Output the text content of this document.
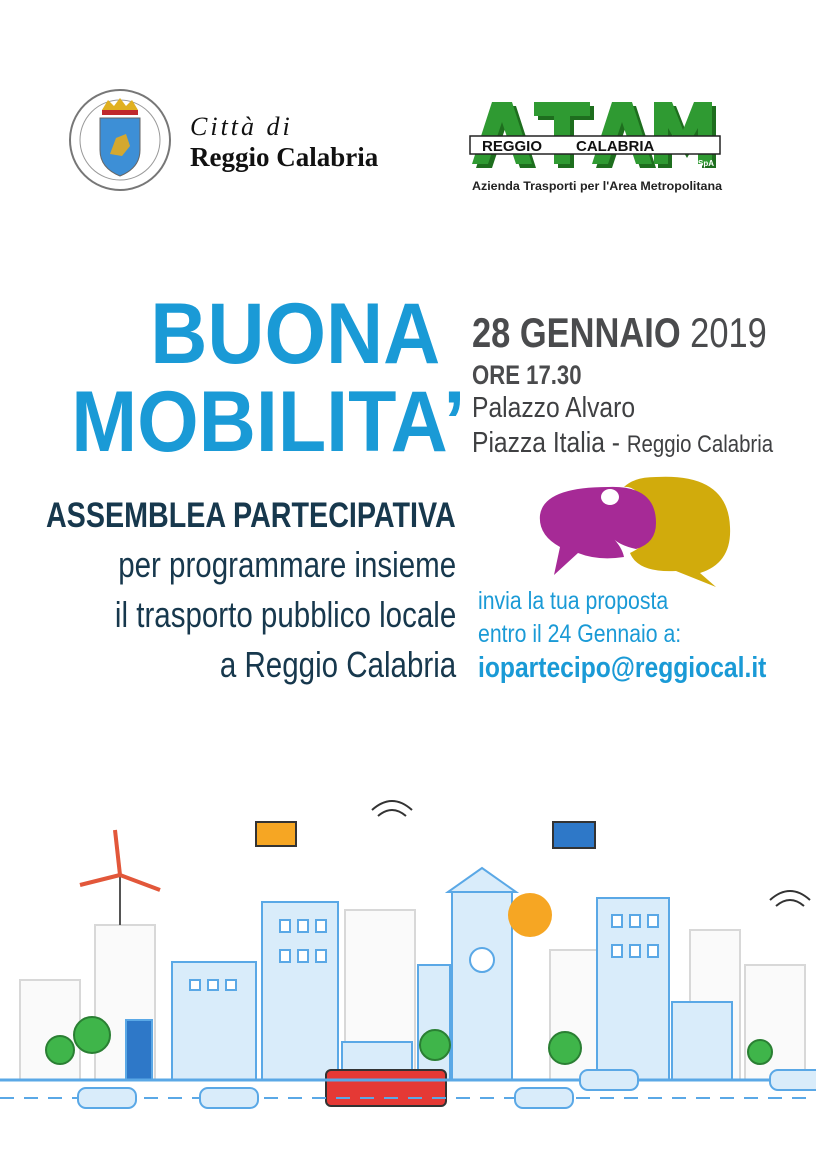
Città di
Reggio Calabria	REGGIO CALABRIA
SpA
Azienda Trasporti per l'Area Metropolitana
BUONA
MOBILITA’
28 GENNAIO 2019
ORE 17.30
Palazzo Alvaro
Piazza Italia - Reggio Calabria
ASSEMBLEA PARTECIPATIVA
per programmare insieme
il trasporto pubblico locale
a Reggio Calabria
invia la tua proposta
entro il 24 Gennaio a:
iopartecipo@reggiocal.it
